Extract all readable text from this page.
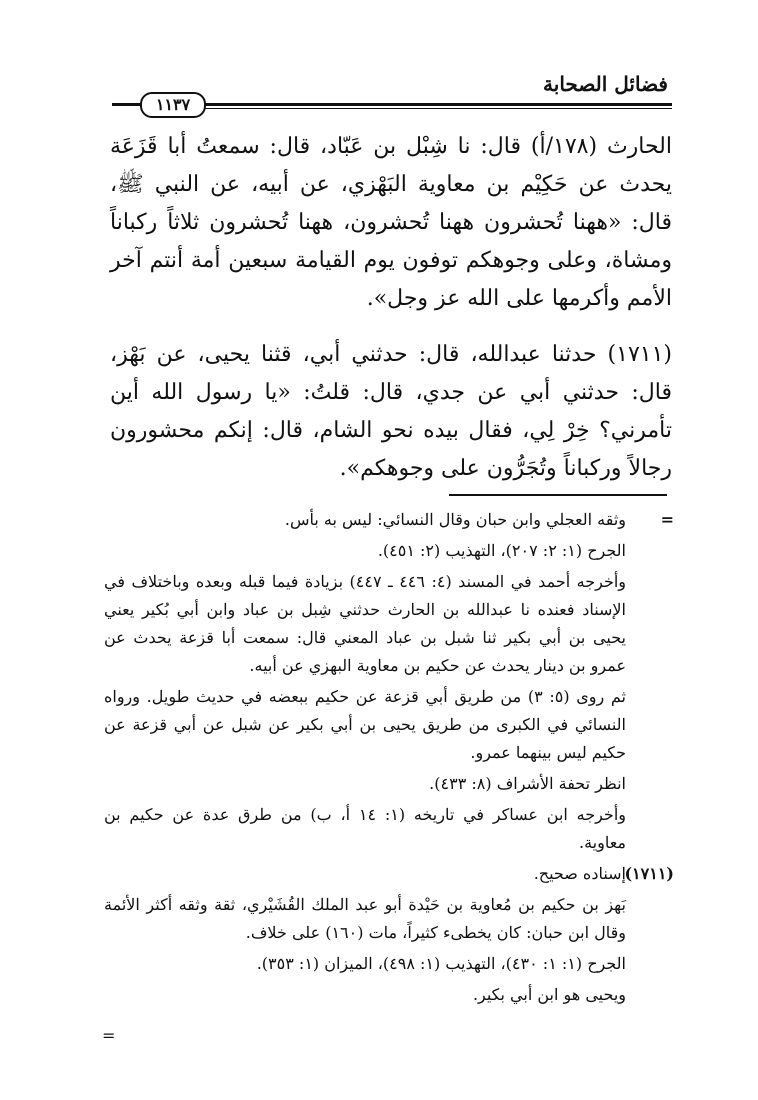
فضائل الصحابة
١١٣٧

الحارث (١٧٨/أ) قال: نا شِبْل بن عَبّاد، قال: سمعتُ أبا قَزَعَة يحدث عن حَكِيْم بن معاوية البَهْزي، عن أبيه، عن النبي ﷺ، قال: «ههنا تُحشرون ههنا تُحشرون، ههنا تُحشرون ثلاثاً ركباناً ومشاة، وعلى وجوهكم توفون يوم القيامة سبعين أمة أنتم آخر الأمم وأكرمها على الله عز وجل».

(١٧١١) حدثنا عبدالله، قال: حدثني أبي، قثنا يحيى، عن بَهْز، قال: حدثني أبي عن جدي، قال: قلتُ: «يا رسول الله أين تأمرني؟ خِرْ لِي، فقال بيده نحو الشام، قال: إنكم محشورون رجالاً وركباناً وتُجَرُّون على وجوهكم».

=

وثقه العجلي وابن حبان وقال النسائي: ليس به بأس.

الجرح (١: ٢: ٢٠٧)، التهذيب (٢: ٤٥١).

وأخرجه أحمد في المسند (٤: ٤٤٦ ـ ٤٤٧) بزيادة فيما قبله وبعده وباختلاف في الإسناد فعنده نا عبدالله بن الحارث حدثني شِبل بن عباد وابن أبي بُكير يعني يحيى بن أبي بكير ثنا شبل بن عباد المعني قال: سمعت أبا قزعة يحدث عن عمرو بن دينار يحدث عن حكيم بن معاوية البهزي عن أبيه.

ثم روى (٥: ٣) من طريق أبي قزعة عن حكيم ببعضه في حديث طويل. ورواه النسائي في الكبرى من طريق يحيى بن أبي بكير عن شبل عن أبي قزعة عن حكيم ليس بينهما عمرو.

انظر تحفة الأشراف (٨: ٤٣٣).

وأخرجه ابن عساكر في تاريخه (١: ١٤ أ، ب) من طرق عدة عن حكيم بن معاوية.

(١٧١١)

إسناده صحيح.

بَهز بن حكيم بن مُعاوية بن حَيْدة أبو عبد الملك القُشَيْري، ثقة وثقه أكثر الأئمة وقال ابن حبان: كان يخطىء كثيراً، مات (١٦٠) على خلاف.

الجرح (١: ١: ٤٣٠)، التهذيب (١: ٤٩٨)، الميزان (١: ٣٥٣).

ويحيى هو ابن أبي بكير.

=
